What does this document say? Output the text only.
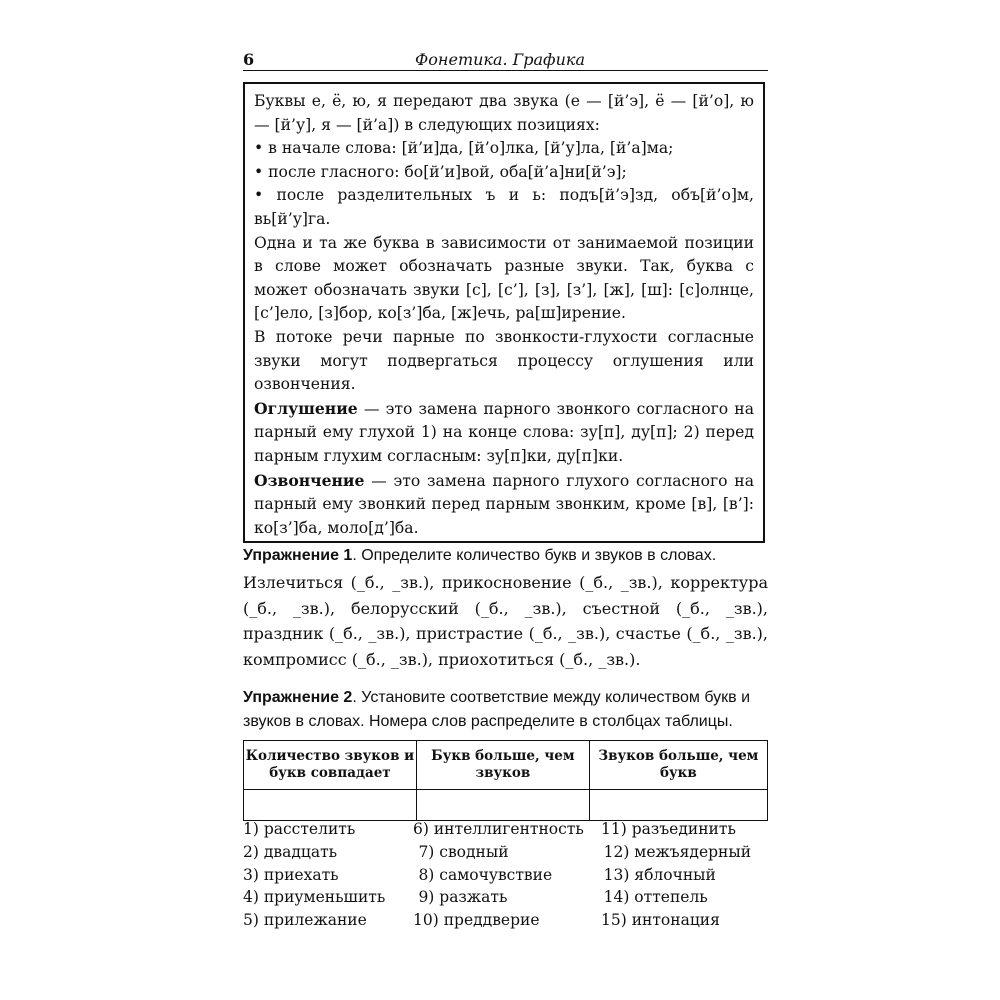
6	Фонетика. Графика

Буквы е, ё, ю, я передают два звука (е — [й’э], ё — [й’о], ю — [й’у], я — [й’а]) в следующих позициях:

• в начале слова: [й’и]да, [й’о]лка, [й’у]ла, [й’а]ма;

• после гласного: бо[й’и]вой, оба[й’а]ни[й’э];

• после разделительных ъ и ь: подъ[й’э]зд, объ[й’о]м, вь[й’у]га.

Одна и та же буква в зависимости от занимаемой позиции в слове может обозначать разные звуки. Так, буква с может обозначать звуки [с], [с’], [з], [з’], [ж], [ш]: [с]олнце, [с’]ело, [з]бор, ко[з’]ба, [ж]ечь, ра[ш]ирение.

В потоке речи парные по звонкости-глухости согласные звуки могут подвергаться процессу оглушения или озвончения.

Оглушение — это замена парного звонкого согласного на парный ему глухой 1) на конце слова: зу[п], ду[п]; 2) перед парным глухим согласным: зу[п]ки, ду[п]ки.

Озвончение — это замена парного глухого согласного на парный ему звонкий перед парным звонким, кроме [в], [в’]: ко[з’]ба, моло[д’]ба.

Упражнение 1. Определите количество букв и звуков в словах.
Излечиться (_б., _зв.), прикосновение (_б., _зв.), корректура (_б., _зв.), белорусский (_б., _зв.), съестной (_б., _зв.), праздник (_б., _зв.), пристрастие (_б., _зв.), счастье (_б., _зв.), компромисс (_б., _зв.), приохотиться (_б., _зв.).
Упражнение 2. Установите соответствие между количеством букв и звуков в словах. Номера слов распределите в столбцах таблицы.
Количество звуков и букв совпадает	Букв больше, чем звуков	Звуков больше, чем букв

1) расстелить	6) интеллигентность	11) разъединить
2) двадцать	7) сводный	12) межъядерный
3) приехать	8) самочувствие	13) яблочный
4) приуменьшить	9) разжать	14) оттепель
5) прилежание	10) преддверие	15) интонация
